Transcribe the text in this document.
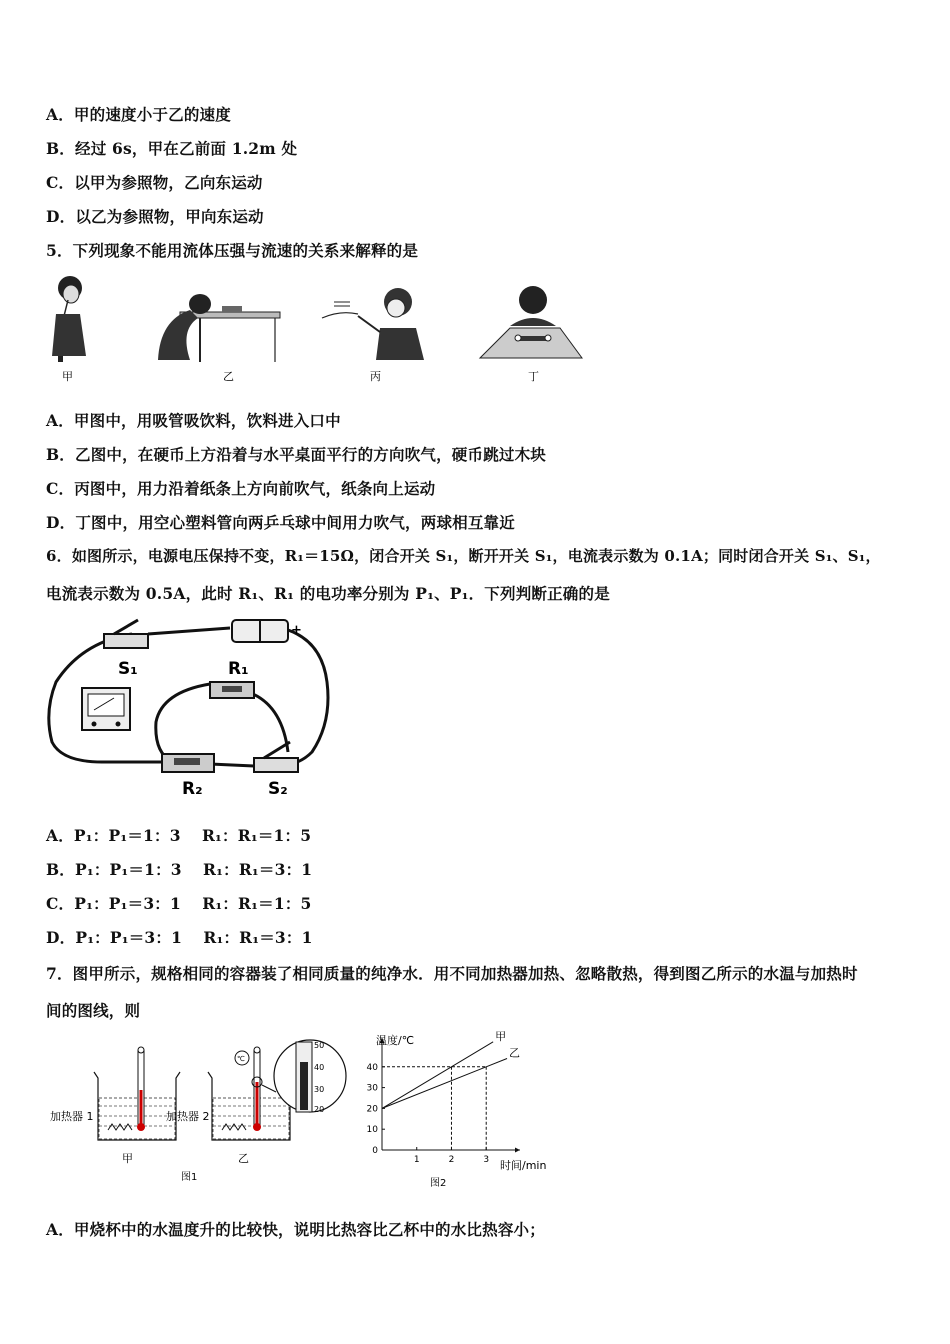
A．甲的速度小于乙的速度
B．经过 6s，甲在乙前面 1.2m 处
C．以甲为参照物，乙向东运动
D．以乙为参照物，甲向东运动
5．下列现象不能用流体压强与流速的关系来解释的是
甲	乙	丙	丁
A．甲图中，用吸管吸饮料，饮料进入口中
B．乙图中，在硬币上方沿着与水平桌面平行的方向吹气，硬币跳过木块
C．丙图中，用力沿着纸条上方向前吹气，纸条向上运动
D．丁图中，用空心塑料管向两乒乓球中间用力吹气，两球相互靠近
6．如图所示，电源电压保持不变，R₁＝15Ω，闭合开关 S₁，断开开关 S₁，电流表示数为 0.1A；同时闭合开关 S₁、S₁，
电流表示数为 0.5A，此时 R₁、R₁ 的电功率分别为 P₁、P₁．下列判断正确的是
S₁
+
R₁
R₂	S₂
A．P₁：P₁＝1：3　 R₁：R₁＝1：5
B．P₁：P₁＝1：3　 R₁：R₁＝3：1
C．P₁：P₁＝3：1　 R₁：R₁＝1：5
D．P₁：P₁＝3：1　 R₁：R₁＝3：1
7．图甲所示，规格相同的容器装了相同质量的纯净水．用不同加热器加热、忽略散热，得到图乙所示的水温与加热时
间的图线，则
加热器 1
甲
℃
加热器 2
乙
50
40
30
20
图1
0
10
20
30
40
1	2	3
甲
乙
温度/℃
时间/min
图2
A．甲烧杯中的水温度升的比较快，说明比热容比乙杯中的水比热容小；
